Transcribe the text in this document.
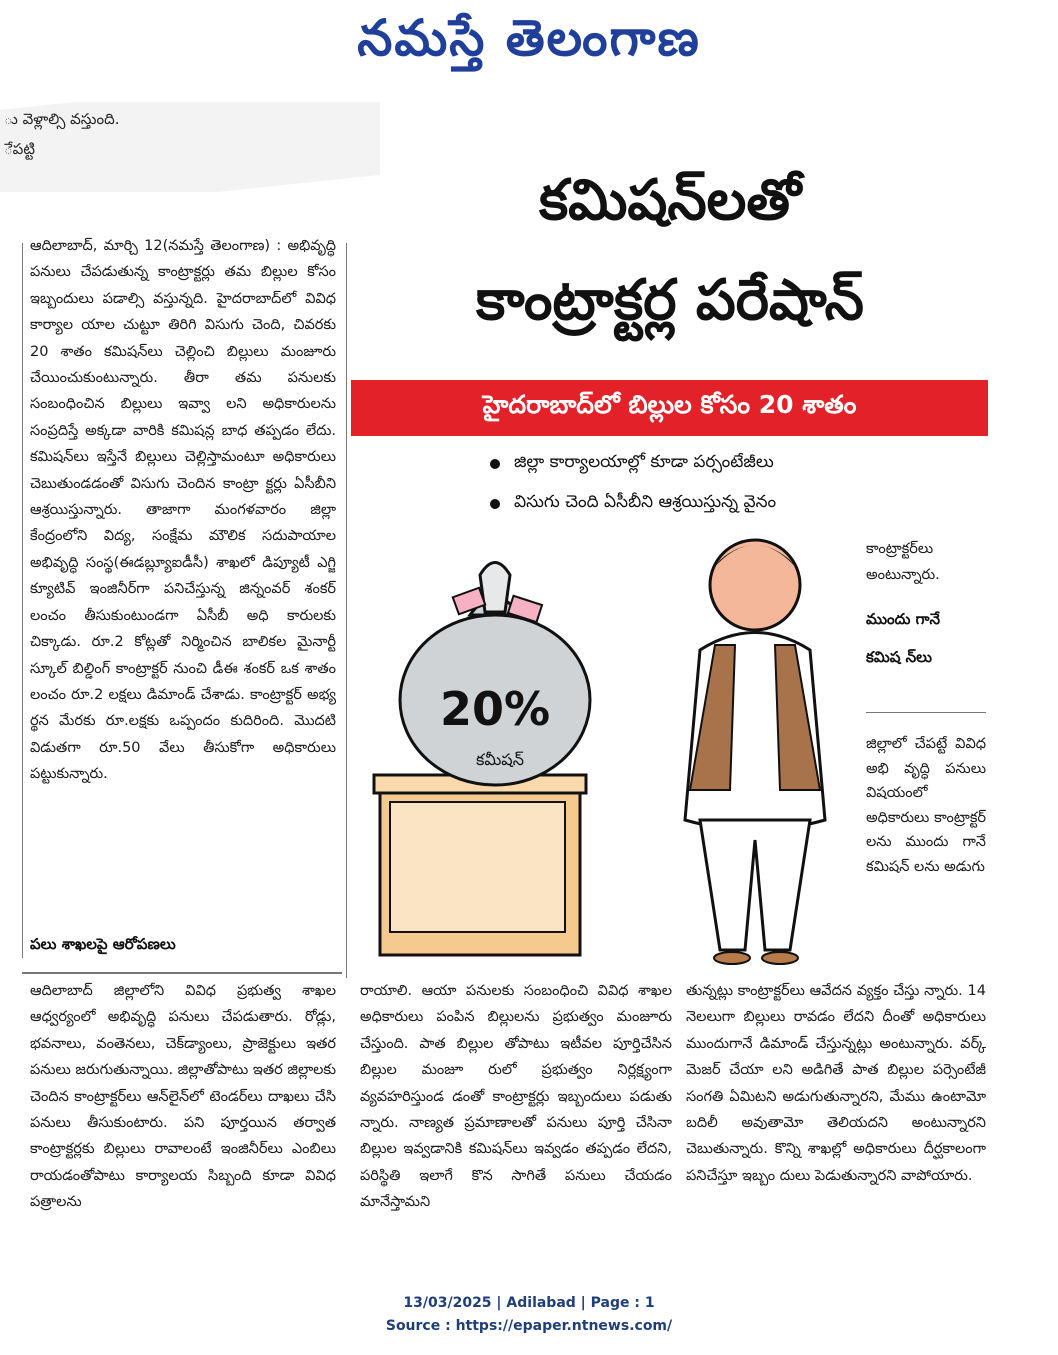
నమస్తే తెలంగాణ
ు వెళ్లాల్సి వస్తుంది.
ేపట్టి
కమిషన్‌లతో
కాంట్రాక్టర్ల పరేషాన్
హైదరాబాద్‌లో బిల్లుల కోసం 20 శాతం
జిల్లా కార్యాలయాల్లో కూడా పర్సంటేజీలు
విసుగు చెంది ఏసీబీని ఆశ్రయిస్తున్న వైనం

ఆదిలాబాద్, మార్చి 12(నమస్తే తెలంగాణ) : అభివృద్ధి పనులు చేపడుతున్న కాంట్రాక్టర్లు తమ బిల్లుల కోసం ఇబ్బందులు పడాల్సి వస్తున్నది. హైదరాబాద్‌లో వివిధ కార్యాల యాల చుట్టూ తిరిగి విసుగు చెంది, చివరకు 20 శాతం కమిషన్‌లు చెల్లించి బిల్లులు మంజూరు చేయించుకుంటున్నారు. తీరా తమ పనులకు సంబంధించిన బిల్లులు ఇవ్వా లని అధికారులను సంప్రదిస్తే అక్కడా వారికి కమిషన్ల బాధ తప్పడం లేదు. కమిషన్‌లు ఇస్తేనే బిల్లులు చెల్లిస్తామంటూ అధికారులు చెబుతుండడంతో విసుగు చెందిన కాంట్రా క్టర్లు ఏసీబీని ఆశ్రయిస్తున్నారు. తాజాగా మంగళవారం జిల్లా కేంద్రంలోని విద్య, సంక్షేమ మౌలిక సదుపాయాల అభివృద్ధి సంస్థ(ఈడబ్ల్యూఐడీసీ) శాఖలో డిప్యూటీ ఎగ్జి క్యూటివ్ ఇంజినీర్‌గా పనిచేస్తున్న జిన్నంవర్ శంకర్ లంచం తీసుకుంటుండగా ఏసీబీ అధి కారులకు చిక్కాడు. రూ.2 కోట్లతో నిర్మించిన బాలికల మైనార్టీ స్కూల్ బిల్డింగ్ కాంట్రాక్టర్ నుంచి డీఈ శంకర్ ఒక శాతం లంచం రూ.2 లక్షలు డిమాండ్ చేశాడు. కాంట్రాక్టర్ అభ్య ర్థన మేరకు రూ.లక్షకు ఒప్పందం కుదిరింది. మొదటి విడుతగా రూ.50 వేలు తీసుకోగా అధికారులు పట్టుకున్నారు.

పలు శాఖలపై ఆరోపణలు

ఆదిలాబాద్ జిల్లాలోని వివిధ ప్రభుత్వ శాఖల ఆధ్వర్యంలో అభివృద్ధి పనులు చేపడుతారు. రోడ్లు, భవనాలు, వంతెనలు, చెక్‌డ్యాంలు, ప్రాజెక్టులు ఇతర పనులు జరుగుతున్నాయి. జిల్లాతోపాటు ఇతర జిల్లాలకు చెందిన కాంట్రాక్టర్‌లు ఆన్‌లైన్‌లో టెండర్‌లు దాఖలు చేసి పనులు తీసుకుంటారు. పని పూర్తయిన తర్వాత కాంట్రాక్టర్లకు బిల్లులు రావాలంటే ఇంజినీర్‌లు ఎంబిలు రాయడంతోపాటు కార్యాలయ సిబ్బంది కూడా వివిధ పత్రాలను

20%
కమీషన్
కాంట్రాక్టర్‌లు అంటున్నారు.
ముందు గానే కమిష న్‌లు
జిల్లాలో చేపట్టే వివిధ అభి వృద్ధి పనులు విషయంలో అధికారులు కాంట్రాక్టర్ లను ముందు గానే కమిషన్ లను అడుగు

రాయాలి. ఆయా పనులకు సంబంధించి వివిధ శాఖల అధికారులు పంపిన బిల్లులను ప్రభుత్వం మంజూరు చేస్తుంది. పాత బిల్లుల తోపాటు ఇటీవల పూర్తిచేసిన బిల్లుల మంజూ రులో ప్రభుత్వం నిర్లక్ష్యంగా వ్యవహరిస్తుండ డంతో కాంట్రాక్టర్లు ఇబ్బందులు పడుతు న్నారు. నాణ్యత ప్రమాణాలతో పనులు పూర్తి చేసినా బిల్లుల ఇవ్వడానికి కమిషన్‌లు ఇవ్వడం తప్పడం లేదని, పరిస్థితి ఇలాగే కొన సాగితే పనులు చేయడం మానేస్తామని

తున్నట్లు కాంట్రాక్టర్‌లు ఆవేదన వ్యక్తం చేస్తు న్నారు. 14 నెలలుగా బిల్లులు రావడం లేదని దీంతో అధికారులు ముందుగానే డిమాండ్ చేస్తున్నట్లు అంటున్నారు. వర్క్ మెజర్ చేయా లని అడిగితే పాత బిల్లుల పర్సెంటేజీ సంగతి ఏమిటని అడుగుతున్నారని, మేము ఉంటామో బదిలీ అవుతామో తెలియదని అంటున్నారని చెబుతున్నారు. కొన్ని శాఖల్లో అధికారులు దీర్ఘకాలంగా పనిచేస్తూ ఇబ్బం దులు పెడుతున్నారని వాపోయారు.

13/03/2025 | Adilabad | Page : 1
Source : https://epaper.ntnews.com/
